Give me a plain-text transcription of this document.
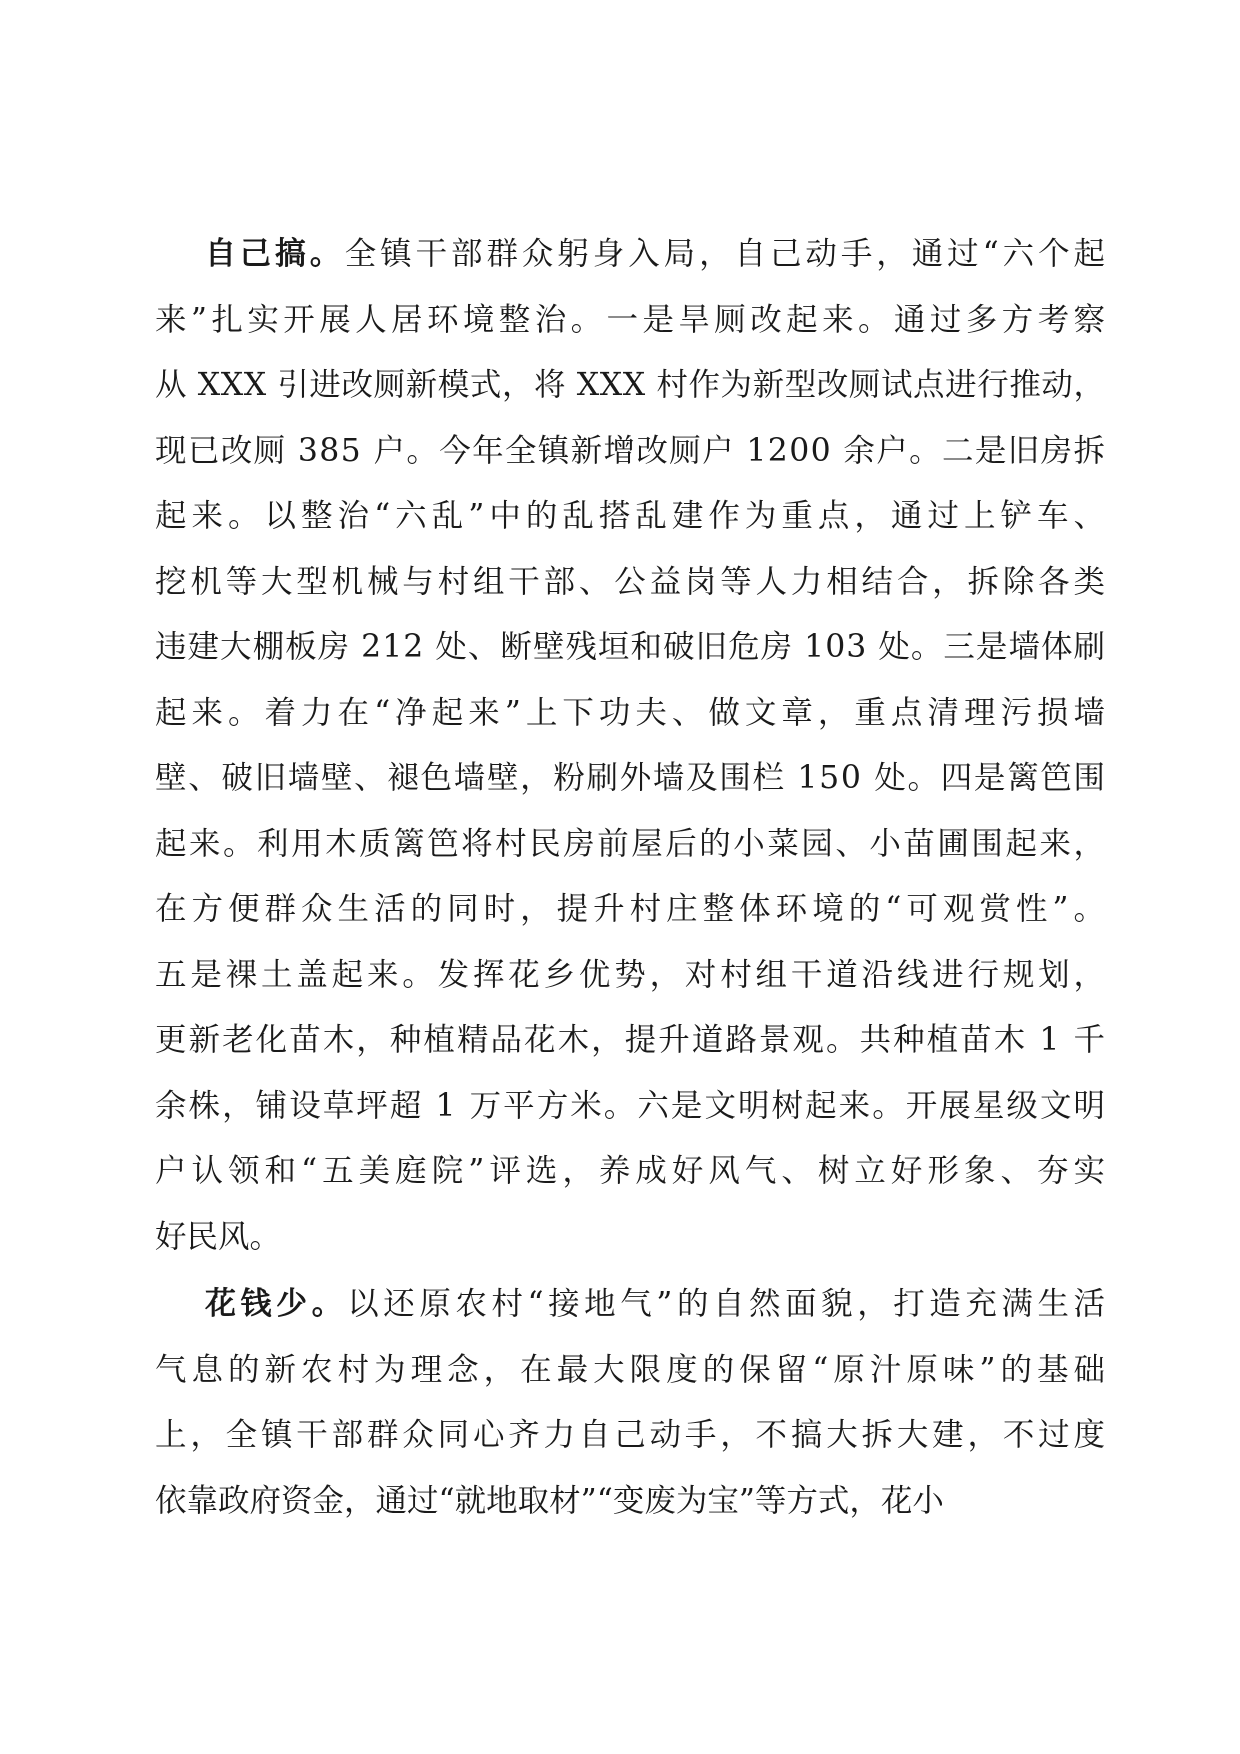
自己搞。全镇干部群众躬身入局，自己动手，通过“六个起
来”扎实开展人居环境整治。一是旱厕改起来。通过多方考察
从 XXX 引进改厕新模式，将 XXX 村作为新型改厕试点进行推动，
现已改厕 385 户。今年全镇新增改厕户 1200 余户。二是旧房拆
起来。以整治“六乱”中的乱搭乱建作为重点，通过上铲车、
挖机等大型机械与村组干部、公益岗等人力相结合，拆除各类
违建大棚板房 212 处、断壁残垣和破旧危房 103 处。三是墙体刷
起来。着力在“净起来”上下功夫、做文章，重点清理污损墙
壁、破旧墙壁、褪色墙壁，粉刷外墙及围栏 150 处。四是篱笆围
起来。利用木质篱笆将村民房前屋后的小菜园、小苗圃围起来，
在方便群众生活的同时，提升村庄整体环境的“可观赏性”。
五是裸土盖起来。发挥花乡优势，对村组干道沿线进行规划，
更新老化苗木，种植精品花木，提升道路景观。共种植苗木 1 千
余株，铺设草坪超 1 万平方米。六是文明树起来。开展星级文明
户认领和“五美庭院”评选，养成好风气、树立好形象、夯实
好民风。
花钱少。以还原农村“接地气”的自然面貌，打造充满生活
气息的新农村为理念，在最大限度的保留“原汁原味”的基础
上，全镇干部群众同心齐力自己动手，不搞大拆大建，不过度
依靠政府资金，通过“就地取材”“变废为宝”等方式，花小
